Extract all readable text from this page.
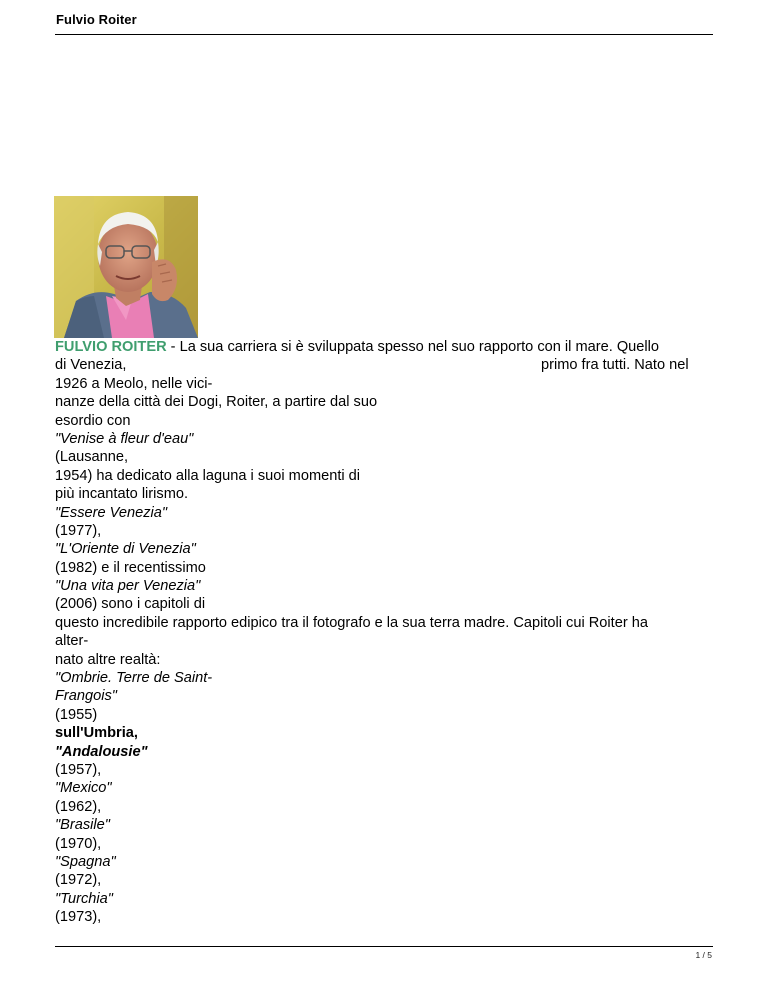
Fulvio Roiter
FULVIO ROITER - La sua carriera si è sviluppata spesso nel suo rapporto con il mare. Quello
di Venezia,	primo fra tutti. Nato nel
1926 a Meolo, nelle vici-
nanze della città dei Dogi, Roiter, a partire dal suo
esordio con
"Venise à fleur d'eau"
(Lausanne,
1954) ha dedicato alla laguna i suoi momenti di
più incantato lirismo.
"Essere Venezia"
(1977),
"L'Oriente di Venezia"
(1982) e il recentissimo
"Una vita per Venezia"
(2006) sono i capitoli di
questo incredibile rapporto edipico tra il fotografo e la sua terra madre. Capitoli cui Roiter ha
alter-
nato altre realtà:
"Ombrie. Terre de Saint-
Frangois"
(1955)
sull'Umbria,
"Andalousie"
(1957),
"Mexico"
(1962),
"Brasile"
(1970),
"Spagna"
(1972),
"Turchia"
(1973),
1 / 5
